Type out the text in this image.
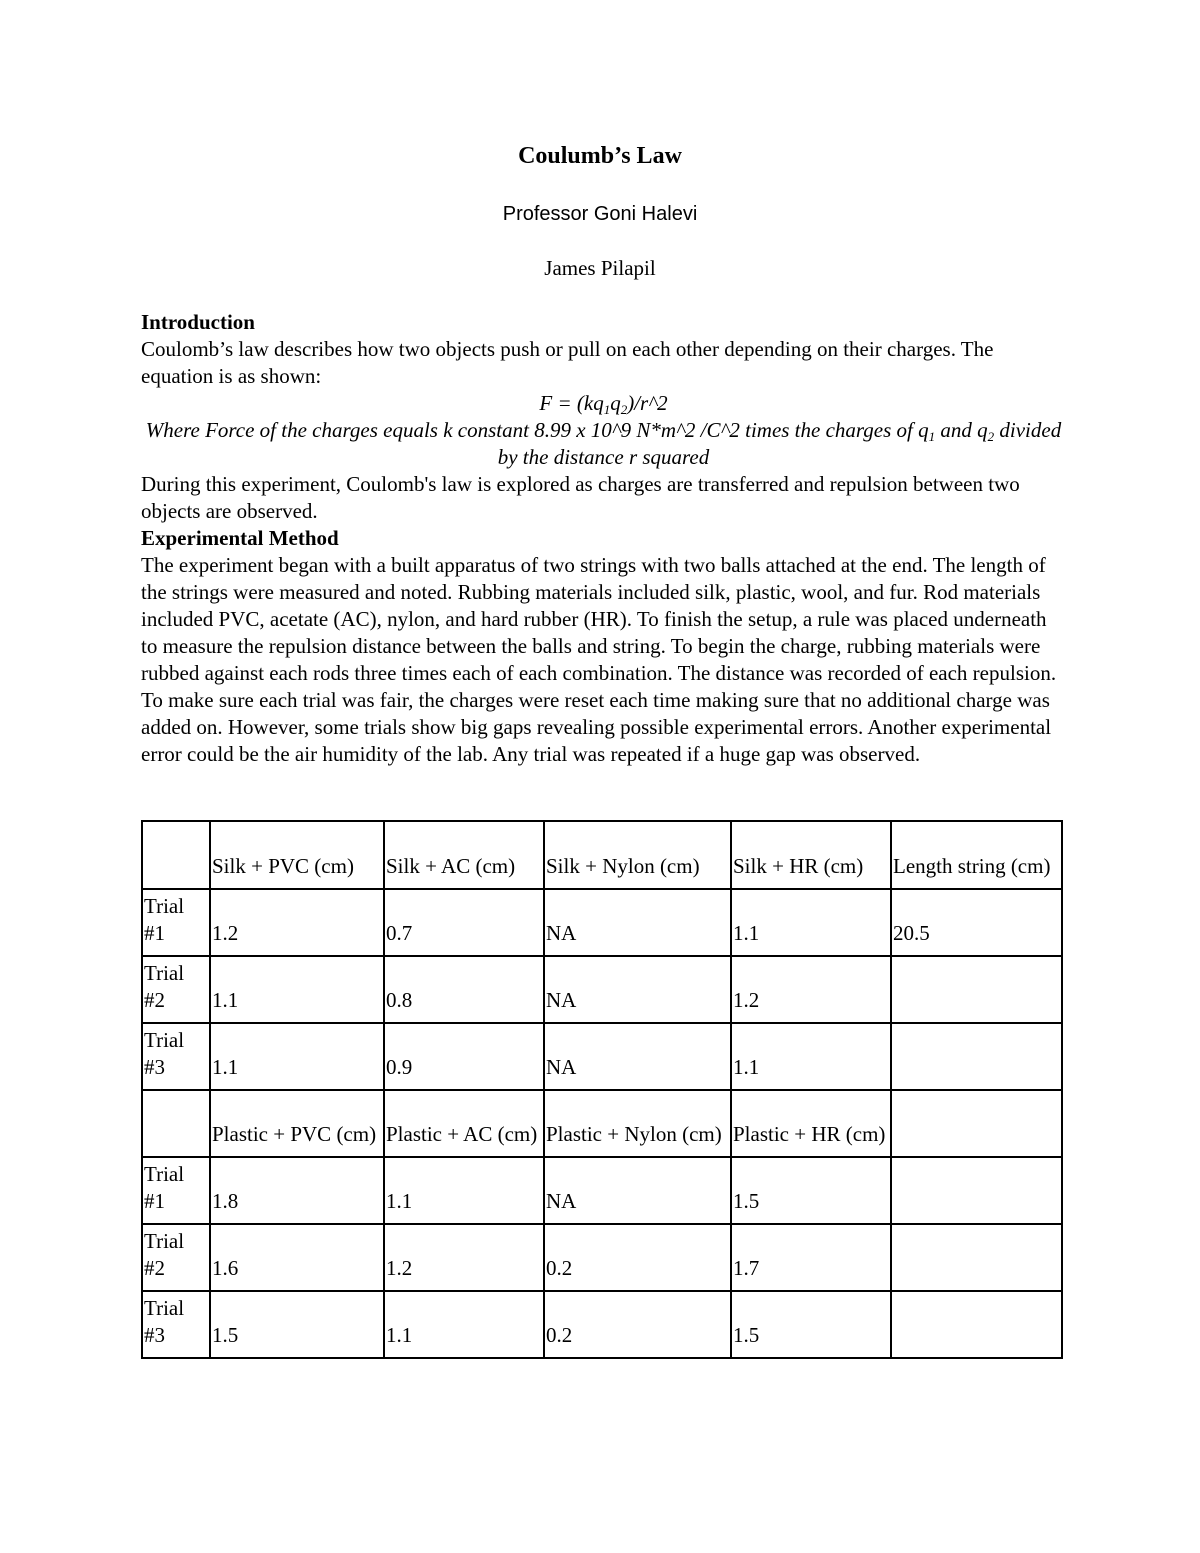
Coulumb’s Law
Professor Goni Halevi
James Pilapil

Introduction

Coulomb’s law describes how two objects push or pull on each other depending on their charges. The equation is as shown:

$F = (kq_1q_2)/r\^{}2$

Where Force of the charges equals k constant 8.99 x 10^9 N*m^2 /C^2 times the charges of $q_1$ and $q_2$ divided by the distance r squared

During this experiment, Coulomb's law is explored as charges are transferred and repulsion between two objects are observed.

Experimental Method

The experiment began with a built apparatus of two strings with two balls attached at the end. The length of the strings were measured and noted. Rubbing materials included silk, plastic, wool, and fur. Rod materials included PVC, acetate (AC), nylon, and hard rubber (HR). To finish the setup, a rule was placed underneath to measure the repulsion distance between the balls and string. To begin the charge, rubbing materials were rubbed against each rods three times each of each combination. The distance was recorded of each repulsion. To make sure each trial was fair, the charges were reset each time making sure that no additional charge was added on. However, some trials show big gaps revealing possible experimental errors. Another experimental error could be the air humidity of the lab. Any trial was repeated if a huge gap was observed.

	Silk + PVC (cm)	Silk + AC (cm)	Silk + Nylon (cm)	Silk + HR (cm)	Length string (cm)
Trial #1	1.2	0.7	NA	1.1	20.5
Trial #2	1.1	0.8	NA	1.2	
Trial #3	1.1	0.9	NA	1.1	
	Plastic + PVC (cm)	Plastic + AC (cm)	Plastic + Nylon (cm)	Plastic + HR (cm)	
Trial #1	1.8	1.1	NA	1.5	
Trial #2	1.6	1.2	0.2	1.7	
Trial #3	1.5	1.1	0.2	1.5	
